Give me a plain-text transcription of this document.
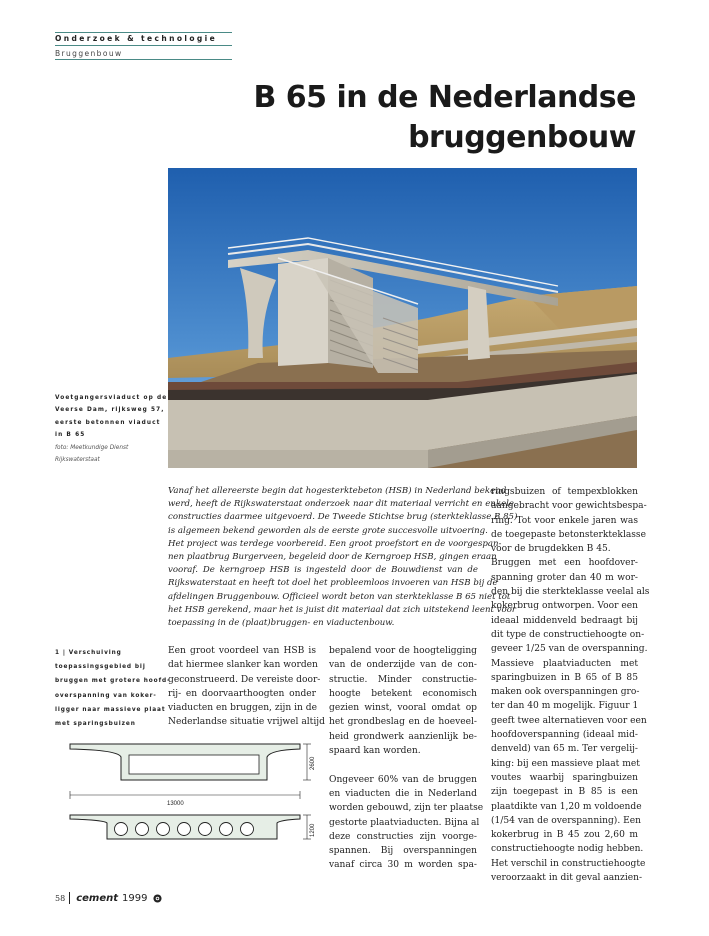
Onderzoek & technologie
Bruggenbouw
B 65 in de Nederlandse
bruggenbouw
Voetgangersviaduct op de
Veerse Dam, rijksweg 57,
eerste betonnen viaduct
in B 65
foto: Meetkundige Dienst
Rijkswaterstaat
Vanaf het allereerste begin dat hogesterktebeton (HSB) in Nederland bekend
werd, heeft de Rijkswaterstaat onderzoek naar dit materiaal verricht en enkele
constructies daarmee uitgevoerd. De Tweede Stichtse brug (sterkteklasse B 85)
is algemeen bekend geworden als de eerste grote succesvolle uitvoering.
Het project was terdege voorbereid. Een groot proefstort en de voorgespan-
nen plaatbrug Burgerveen, begeleid door de Kerngroep HSB, gingen eraan
vooraf. De kerngroep HSB is ingesteld door de Bouwdienst van de
Rijkswaterstaat en heeft tot doel het probleemloos invoeren van HSB bij de
afdelingen Bruggenbouw. Officieel wordt beton van sterkteklasse B 65 niet tot
het HSB gerekend, maar het is juist dit materiaal dat zich uitstekend leent voor
toepassing in de (plaat)bruggen- en viaductenbouw.
1 | Verschuiving
toepassingsgebied bij
bruggen met grotere hoofd-
overspanning van koker-
ligger naar massieve plaat
met sparingsbuizen
2600
13000
1200
Een groot voordeel van HSB is
dat hiermee slanker kan worden
geconstrueerd. De vereiste door-
rij- en doorvaarthoogten onder
viaducten en bruggen, zijn in de
Nederlandse situatie vrijwel altijd
bepalend voor de hoogteligging
van de onderzijde van de con-
structie. Minder constructie-
hoogte betekent economisch
gezien winst, vooral omdat op
het grondbeslag en de hoeveel-
heid grondwerk aanzienlijk be-
spaard kan worden.

Ongeveer 60% van de bruggen
en viaducten die in Nederland
worden gebouwd, zijn ter plaatse
gestorte plaatviaducten. Bijna al
deze constructies zijn voorge-
spannen. Bij overspanningen
vanaf circa 30 m worden spa-
ringsbuizen of tempexblokken
aangebracht voor gewichtsbespa-
ring. Tot voor enkele jaren was
de toegepaste betonsterkteklasse
voor de brugdekken B 45.
Bruggen met een hoofdover-
spanning groter dan 40 m wor-
den bij die sterkteklasse veelal als
kokerbrug ontworpen. Voor een
ideaal middenveld bedraagt bij
dit type de constructiehoogte on-
geveer 1/25 van de overspanning.
Massieve plaatviaducten met
sparingbuizen in B 65 of B 85
maken ook overspanningen gro-
ter dan 40 m mogelijk. Figuur 1
geeft twee alternatieven voor een
hoofdoverspanning (ideaal mid-
denveld) van 65 m. Ter vergelij-
king: bij een massieve plaat met
voutes waarbij sparingbuizen
zijn toegepast in B 85 is een
plaatdikte van 1,20 m voldoende
(1/54 van de overspanning). Een
kokerbrug in B 45 zou 2,60 m
constructiehoogte nodig hebben.
Het verschil in constructiehoogte
veroorzaakt in dit geval aanzien-
58 cement 1999
